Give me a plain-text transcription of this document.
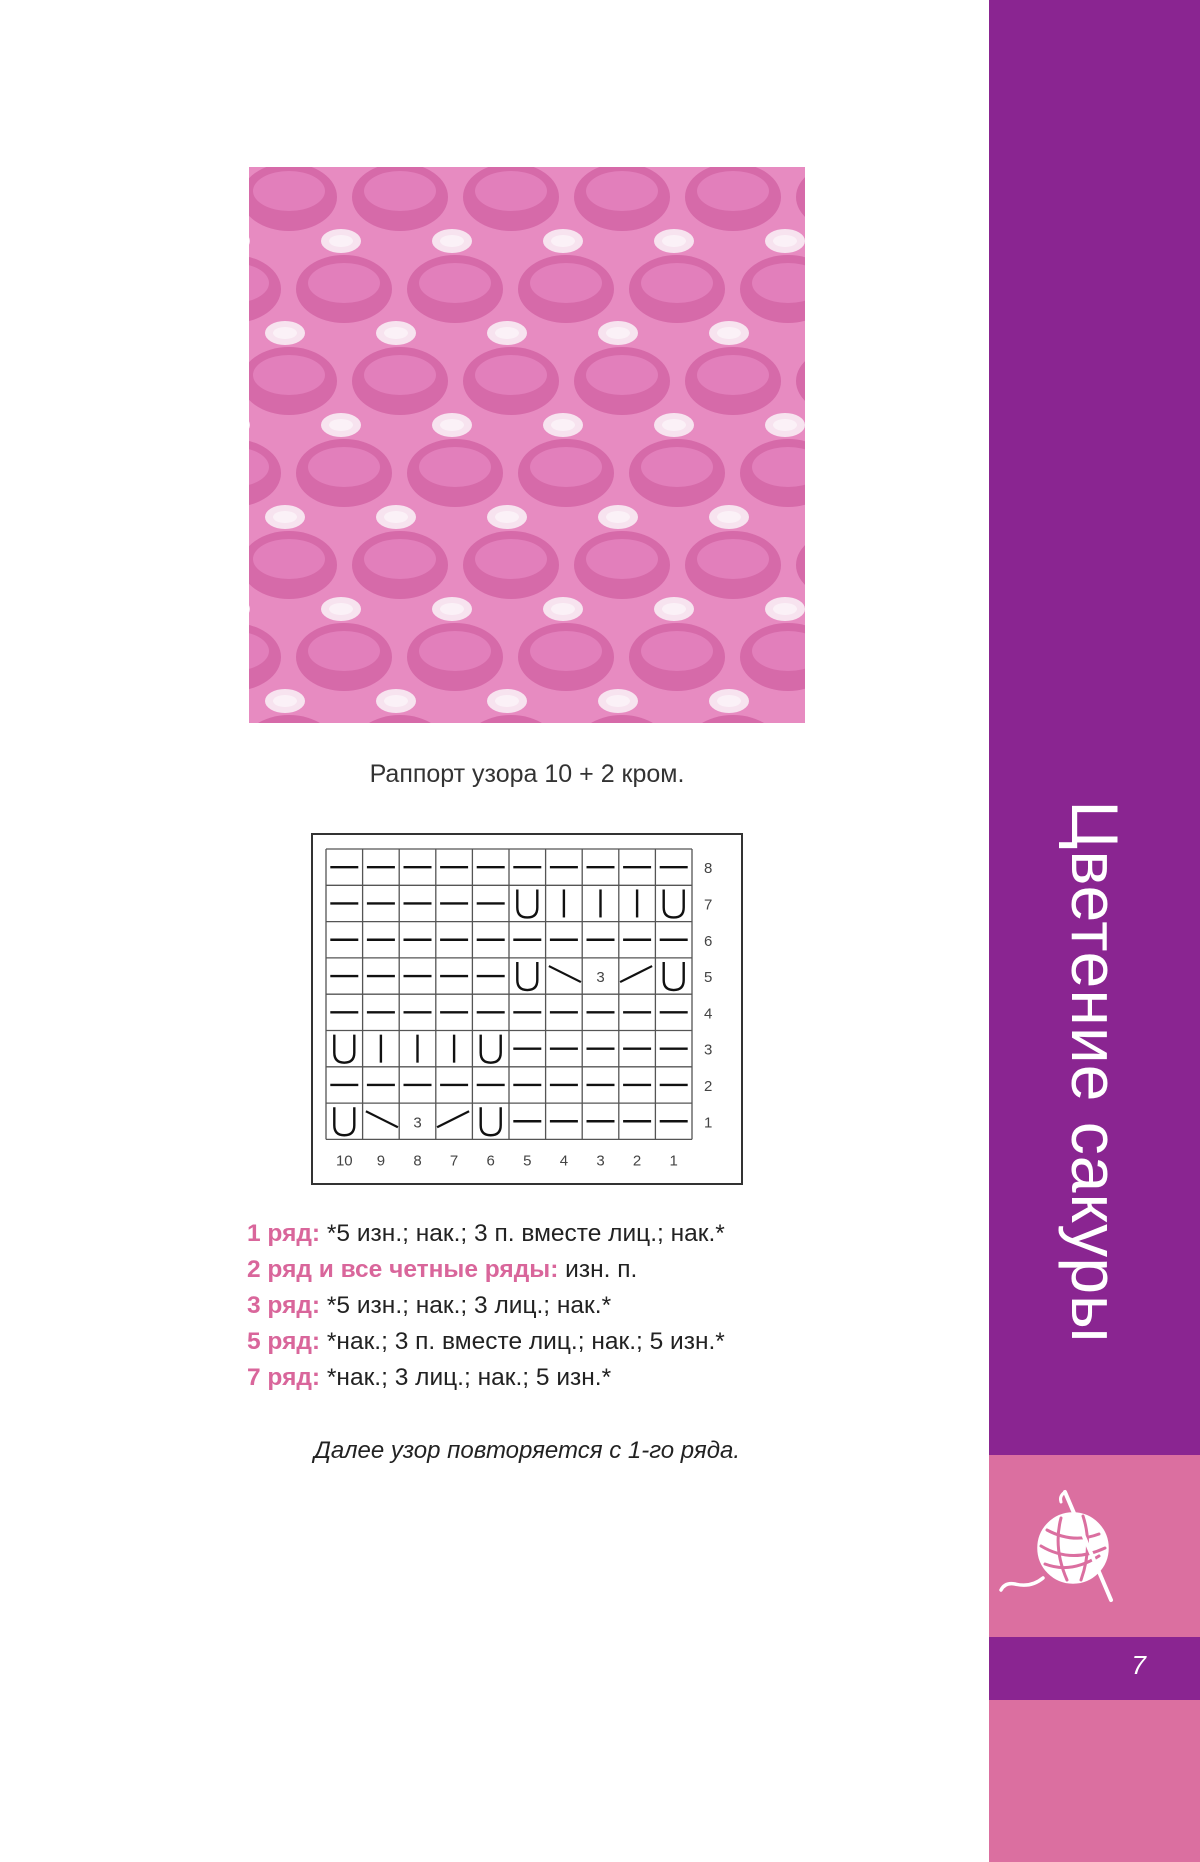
Раппорт узора 10 + 2 кром.
3
3
8
7
6
5
4
3
2
1
10 9 8 7 6 5 4 3 2 1
1 ряд: *5 изн.; нак.; 3 п. вместе лиц.; нак.*
2 ряд и все четные ряды: изн. п.
3 ряд: *5 изн.; нак.; 3 лиц.; нак.*
5 ряд: *нак.; 3 п. вместе лиц.; нак.; 5 изн.*
7 ряд: *нак.; 3 лиц.; нак.; 5 изн.*
Далее узор повторяется с 1-го ряда.
Цветение сакуры
7
